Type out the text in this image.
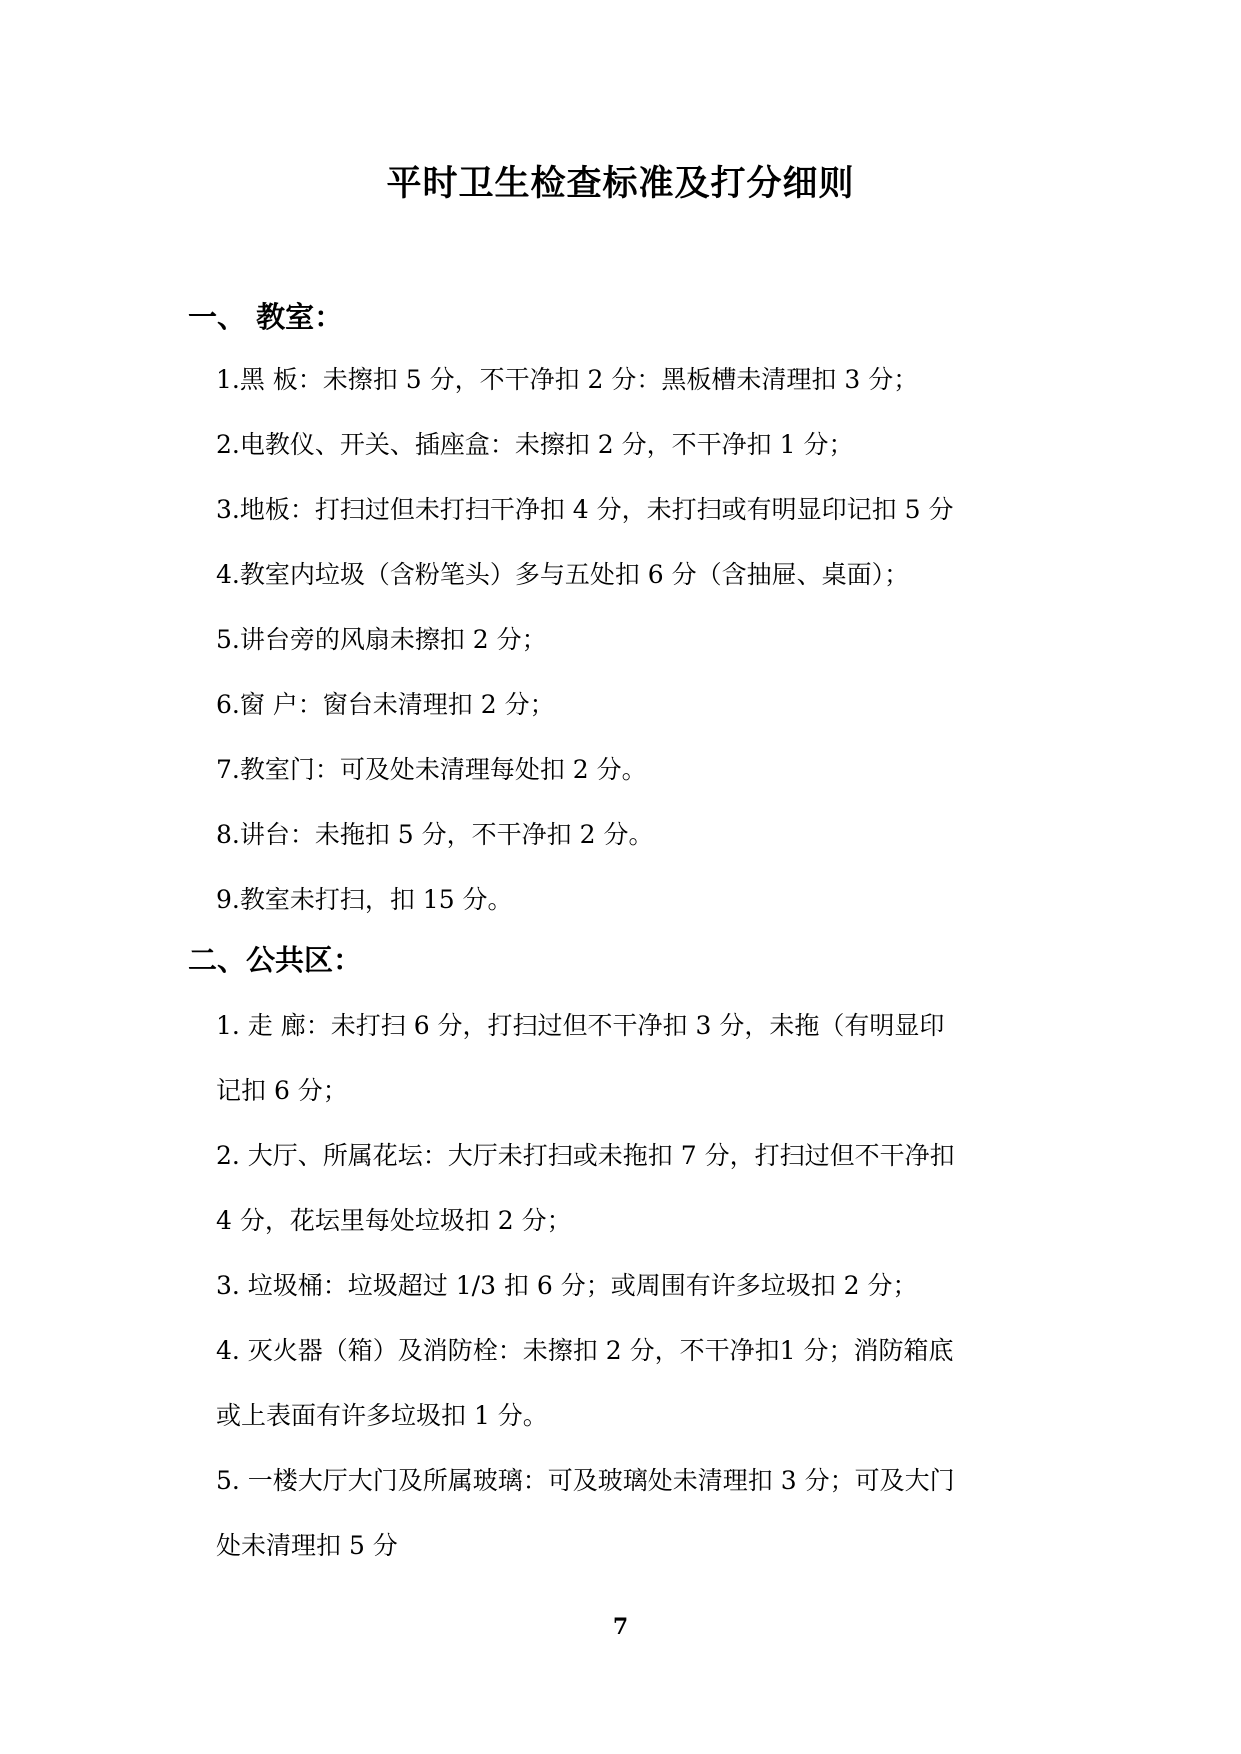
平时卫生检查标准及打分细则
一、 教室：
1.黑 板：未擦扣 5 分，不干净扣 2 分：黑板槽未清理扣 3 分；
2.电教仪、开关、插座盒：未擦扣 2 分，不干净扣 1 分；
3.地板：打扫过但未打扫干净扣 4 分，未打扫或有明显印记扣 5 分
4.教室内垃圾（含粉笔头）多与五处扣 6 分（含抽屉、桌面）；
5.讲台旁的风扇未擦扣 2 分；
6.窗 户：窗台未清理扣 2 分；
7.教室门：可及处未清理每处扣 2 分。
8.讲台：未拖扣 5 分，不干净扣 2 分。
9.教室未打扫，扣 15 分。
二、公共区：
1. 走 廊：未打扫 6 分，打扫过但不干净扣 3 分，未拖（有明显印
记扣 6 分；
2. 大厅、所属花坛：大厅未打扫或未拖扣 7 分，打扫过但不干净扣
4 分，花坛里每处垃圾扣 2 分；
3. 垃圾桶：垃圾超过 1/3 扣 6 分；或周围有许多垃圾扣 2 分；
4. 灭火器（箱）及消防栓：未擦扣 2 分，不干净扣1 分；消防箱底
或上表面有许多垃圾扣 1 分。
5. 一楼大厅大门及所属玻璃：可及玻璃处未清理扣 3 分；可及大门
处未清理扣 5 分
7
